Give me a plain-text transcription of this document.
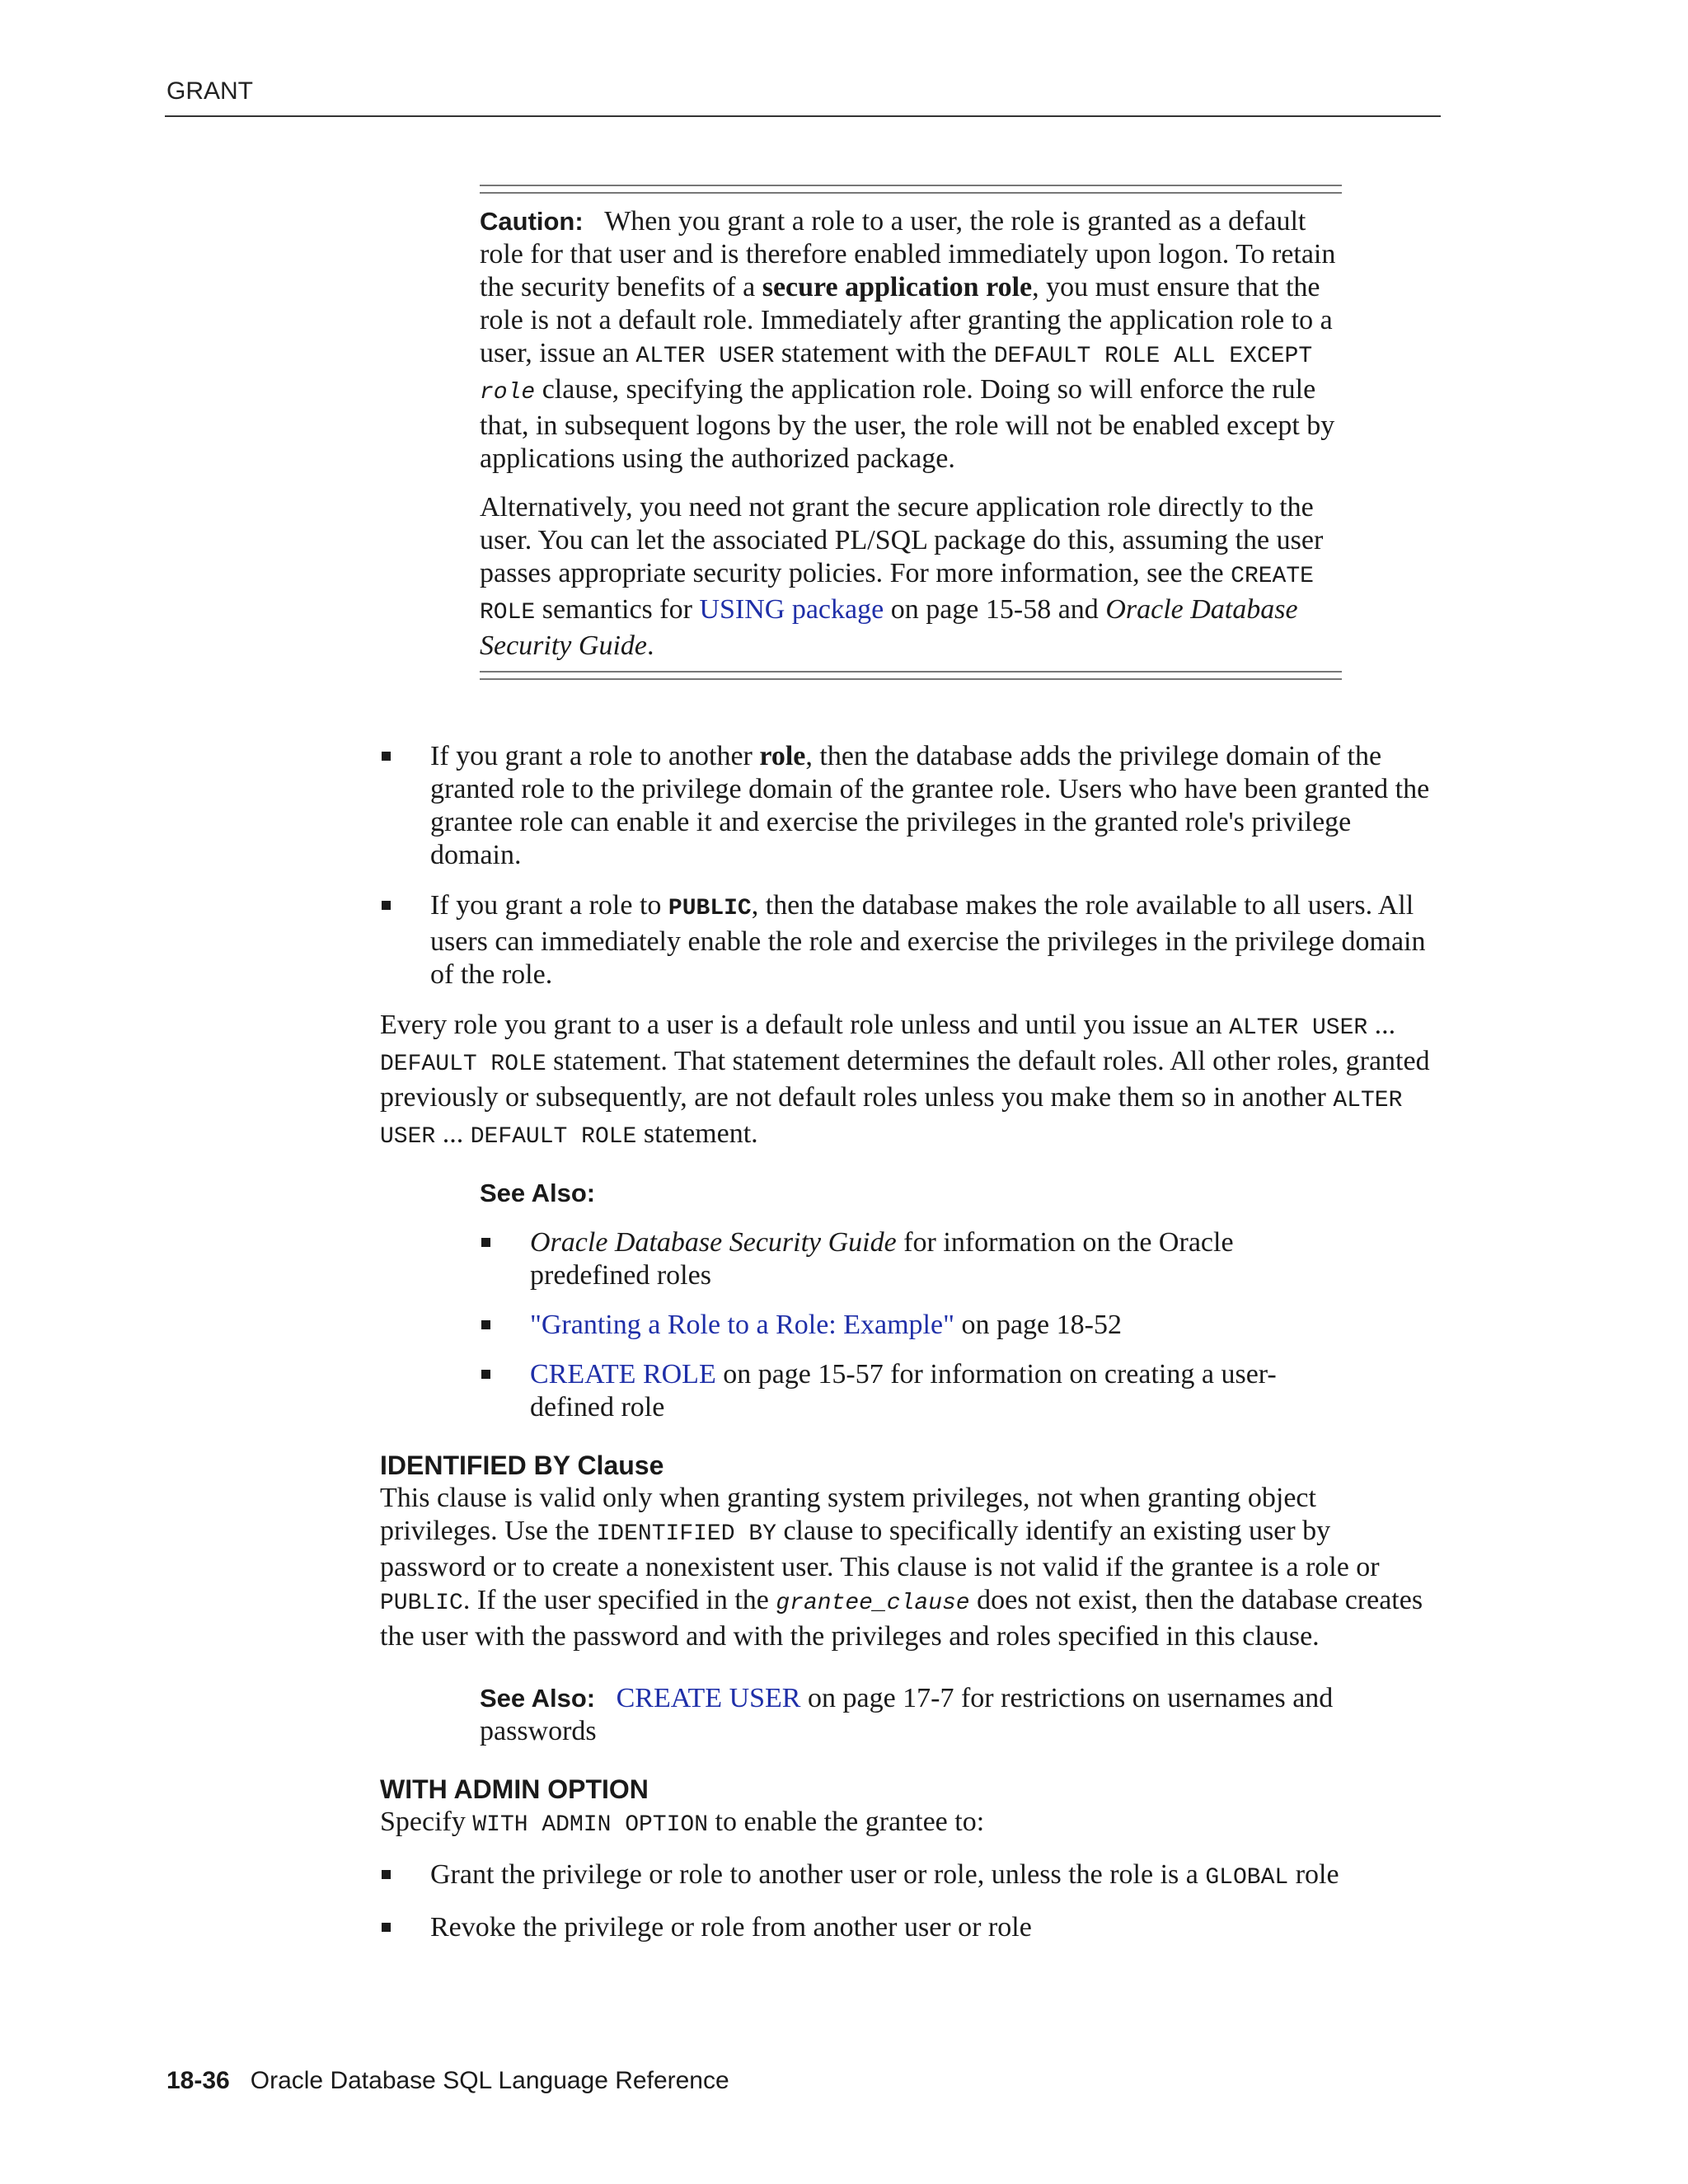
GRANT

Caution: When you grant a role to a user, the role is granted as a default role for that user and is therefore enabled immediately upon logon. To retain the security benefits of a secure application role, you must ensure that the role is not a default role. Immediately after granting the application role to a user, issue an ALTER USER statement with the DEFAULT ROLE ALL EXCEPT role clause, specifying the application role. Doing so will enforce the rule that, in subsequent logons by the user, the role will not be enabled except by applications using the authorized package.

Alternatively, you need not grant the secure application role directly to the user. You can let the associated PL/SQL package do this, assuming the user passes appropriate security policies. For more information, see the CREATE ROLE semantics for USING package on page 15-58 and Oracle Database Security Guide.

If you grant a role to another role, then the database adds the privilege domain of the granted role to the privilege domain of the grantee role. Users who have been granted the grantee role can enable it and exercise the privileges in the granted role's privilege domain.
If you grant a role to PUBLIC, then the database makes the role available to all users. All users can immediately enable the role and exercise the privileges in the privilege domain of the role.

Every role you grant to a user is a default role unless and until you issue an ALTER USER ... DEFAULT ROLE statement. That statement determines the default roles. All other roles, granted previously or subsequently, are not default roles unless you make them so in another ALTER USER ... DEFAULT ROLE statement.

See Also:
Oracle Database Security Guide for information on the Oracle predefined roles
"Granting a Role to a Role: Example" on page 18-52
CREATE ROLE on page 15-57 for information on creating a user-defined role
IDENTIFIED BY Clause

This clause is valid only when granting system privileges, not when granting object privileges. Use the IDENTIFIED BY clause to specifically identify an existing user by password or to create a nonexistent user. This clause is not valid if the grantee is a role or PUBLIC. If the user specified in the grantee_clause does not exist, then the database creates the user with the password and with the privileges and roles specified in this clause.

See Also: CREATE USER on page 17-7 for restrictions on usernames and passwords

WITH ADMIN OPTION

Specify WITH ADMIN OPTION to enable the grantee to:

Grant the privilege or role to another user or role, unless the role is a GLOBAL role
Revoke the privilege or role from another user or role
18-36 Oracle Database SQL Language Reference
